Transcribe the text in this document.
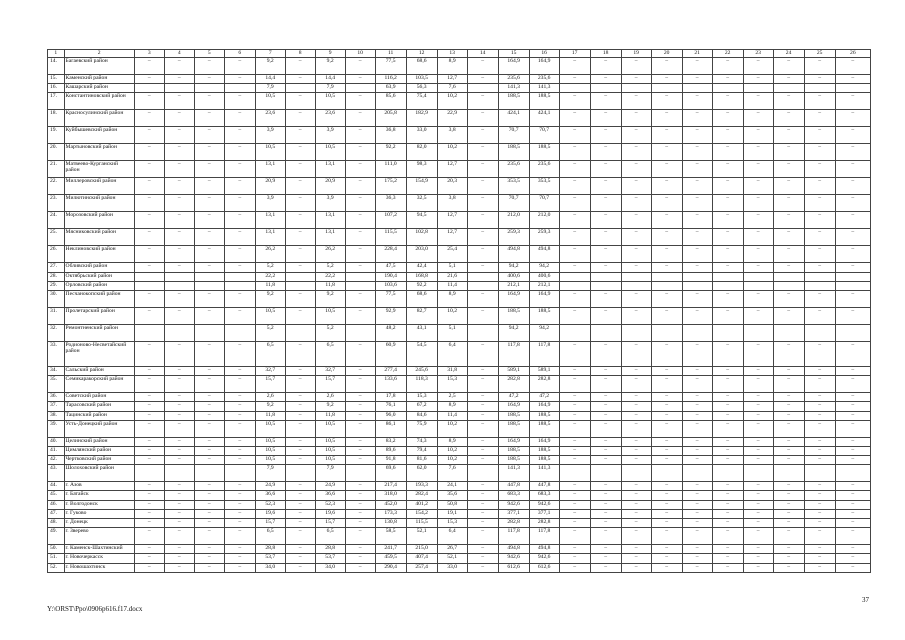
1	2	3	4	5	6	7	8	9	10	11	12	13	14	15	16	17	18	19	20	21	22	23	24	25	26
14.	Багаевский район	–	–	–	–	9,2	–	9,2	–	77,5	68,6	8,9	–	164,9	164,9	–	–	–	–	–	–	–	–	–	–
15.	Каменский район	–	–	–	–	14,4	–	14,4	–	116,2	103,5	12,7	–	235,6	235,6	–	–	–	–	–	–	–	–	–	–
16.	Кашарский район					7,9		7,9		63,9	56,3	7,6		141,3	141,3										
17.	Константиновский район	–	–	–	–	10,5	–	10,5	–	85,6	75,4	10,2	–	188,5	188,5	–	–	–	–	–	–	–	–	–	–
18.	Красносулинский район	–	–	–	–	23,6	–	23,6	–	205,8	182,9	22,9	–	424,1	424,1	–	–	–	–	–	–	–	–	–	–
19.	Куйбышевский район	–	–	–	–	3,9	–	3,9	–	36,8	33,0	3,8	–	70,7	70,7	–	–	–	–	–	–	–	–	–	–
20.	Мартыновский район	–	–	–	–	10,5	–	10,5	–	92,2	82,0	10,2	–	188,5	188,5	–	–	–	–	–	–	–	–	–	–
21.	Матвеево-Курганский район	–	–	–	–	13,1	–	13,1	–	111,0	98,3	12,7	–	235,6	235,6	–	–	–	–	–	–	–	–	–	–
22.	Миллеровский район	–	–	–	–	20,9	–	20,9	–	175,2	154,9	20,3	–	353,5	353,5	–	–	–	–	–	–	–	–	–	–
23.	Милютинский район	–	–	–	–	3,9	–	3,9	–	36,3	32,5	3,8	–	70,7	70,7	–	–	–	–	–	–	–	–	–	–
24.	Морозовский район	–	–	–	–	13,1	–	13,1	–	107,2	94,5	12,7	–	212,0	212,0	–	–	–	–	–	–	–	–	–	–
25.	Мясниковский район	–	–	–	–	13,1	–	13,1	–	115,5	102,8	12,7	–	259,3	259,3	–	–	–	–	–	–	–	–	–	–
26.	Неклиновский район	–	–	–	–	26,2	–	26,2	–	228,4	203,0	25,4	–	494,8	494,8	–	–	–	–	–	–	–	–	–	–
27.	Обливский район	–	–	–	–	5,2	–	5,2	–	47,5	42,4	5,1	–	94,2	94,2	–	–	–	–	–	–	–	–	–	–
28.	Октябрьский район					22,2		22,2		190,4	168,8	21,6		400,6	400,6										
29.	Орловский район					11,8		11,8		103,6	92,2	11,4		212,1	212,1										
30.	Песчанокопский район	–	–	–	–	9,2	–	9,2	–	77,5	68,6	8,9	–	164,9	164,9	–	–	–	–	–	–	–	–	–	–
31.	Пролетарский район	–	–	–	–	10,5	–	10,5	–	92,9	82,7	10,2	–	188,5	188,5	–	–	–	–	–	–	–	–	–	–
32.	Ремонтненский район					5,2		5,2		48,2	43,1	5,1		94,2	94,2										
33.	Родионово-Несветайский район	–	–	–	–	6,5	–	6,5	–	60,9	54,5	6,4	–	117,8	117,8	–	–	–	–	–	–	–	–	–	–
34.	Сальский район	–	–	–	–	32,7	–	32,7	–	277,4	245,6	31,8	–	589,1	589,1	–	–	–	–	–	–	–	–	–	–
35.	Семикаракорский район	–	–	–	–	15,7	–	15,7	–	133,6	118,3	15,3	–	282,8	282,8	–	–	–	–	–	–	–	–	–	–
36.	Советский район	–	–	–	–	2,6	–	2,6	–	17,8	15,3	2,5	–	47,2	47,2	–	–	–	–	–	–	–	–	–	–
37.	Тарасовский район	–	–	–	–	9,2	–	9,2	–	76,1	67,2	8,9	–	164,9	164,9	–	–	–	–	–	–	–	–	–	–
38.	Тацинский район	–	–	–	–	11,8	–	11,8	–	96,0	84,6	11,4	–	188,5	188,5	–	–	–	–	–	–	–	–	–	–
39.	Усть-Донецкий район	–	–	–	–	10,5	–	10,5	–	86,1	75,9	10,2	–	188,5	188,5	–	–	–	–	–	–	–	–	–	–
40.	Целинский район	–	–	–	–	10,5	–	10,5	–	83,2	74,3	8,9	–	164,9	164,9	–	–	–	–	–	–	–	–	–	–
41.	Цимлянский район	–	–	–	–	10,5	–	10,5	–	89,6	79,4	10,2	–	188,5	188,5	–	–	–	–	–	–	–	–	–	–
42.	Чертковский район	–	–	–	–	10,5	–	10,5	–	91,8	81,6	10,2	–	188,5	188,5	–	–	–	–	–	–	–	–	–	–
43.	Шолоховский район					7,9		7,9		69,6	62,0	7,6		141,3	141,3										
44.	г. Азов	–	–	–	–	24,9	–	24,9	–	217,4	193,3	24,1	–	447,8	447,8	–	–	–	–	–	–	–	–	–	–
45.	г. Батайск	–	–	–	–	36,6	–	36,6	–	318,0	282,4	35,6	–	683,3	683,3	–	–	–	–	–	–	–	–	–	–
46.	г. Волгодонск	–	–	–	–	52,3	–	52,3	–	452,0	401,2	50,8	–	942,6	942,6	–	–	–	–	–	–	–	–	–	–
47.	г. Гуково	–	–	–	–	19,6	–	19,6	–	173,3	154,2	19,1	–	377,1	377,1	–	–	–	–	–	–	–	–	–	–
48.	г. Донецк	–	–	–	–	15,7	–	15,7	–	130,8	115,5	15,3	–	282,8	282,8	–	–	–	–	–	–	–	–	–	–
49.	г. Зверево	–	–	–	–	6,5	–	6,5	–	58,5	52,1	6,4	–	117,8	117,8	–	–	–	–	–	–	–	–	–	–
50.	г. Каменск-Шахтинский	–	–	–	–	28,8	–	28,8	–	241,7	215,0	26,7	–	494,8	494,8	–	–	–	–	–	–	–	–	–	–
51.	г. Новочеркасск	–	–	–	–	53,7	–	53,7	–	459,5	407,4	52,1	–	942,6	942,6	–	–	–	–	–	–	–	–	–	–
52.	г. Новошахтинск	–	–	–	–	34,0	–	34,0	–	290,4	257,4	33,0	–	612,6	612,6	–	–	–	–	–	–	–	–	–	–
37
Y:\ORST\Ppo\0906p616.f17.docx
